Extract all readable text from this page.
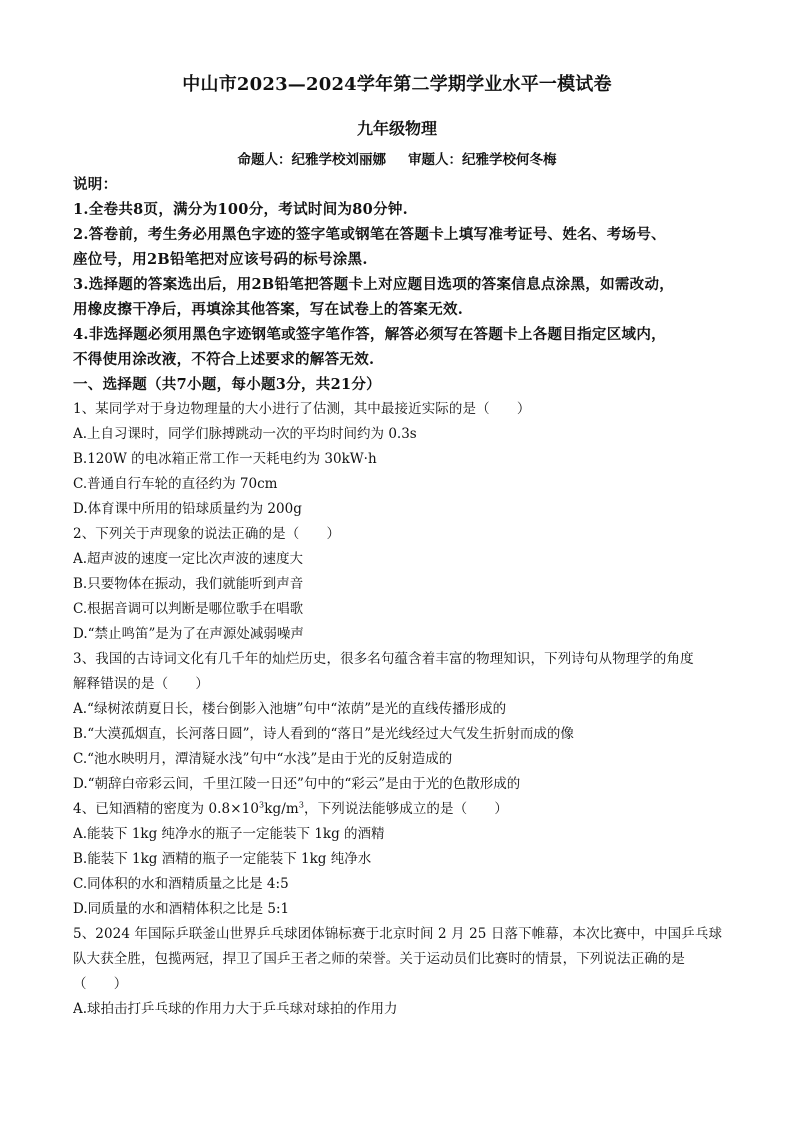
中山市2023—2024学年第二学期学业水平一模试卷
九年级物理
命题人：纪雅学校刘丽娜 审题人：纪雅学校何冬梅
说明：
1.全卷共8页，满分为100分，考试时间为80分钟.
2.答卷前，考生务必用黑色字迹的签字笔或钢笔在答题卡上填写准考证号、姓名、考场号、
座位号，用2B铅笔把对应该号码的标号涂黑.
3.选择题的答案选出后，用2B铅笔把答题卡上对应题目选项的答案信息点涂黑，如需改动，
用橡皮擦干净后，再填涂其他答案，写在试卷上的答案无效.
4.非选择题必须用黑色字迹钢笔或签字笔作答，解答必须写在答题卡上各题目指定区域内，
不得使用涂改液，不符合上述要求的解答无效.
一、选择题（共7小题，每小题3分，共21分）
1、某同学对于身边物理量的大小进行了估测，其中最接近实际的是（　　）
A.上自习课时，同学们脉搏跳动一次的平均时间约为 0.3s
B.120W 的电冰箱正常工作一天耗电约为 30kW·h
C.普通自行车轮的直径约为 70cm
D.体育课中所用的铅球质量约为 200g
2、下列关于声现象的说法正确的是（　　）
A.超声波的速度一定比次声波的速度大
B.只要物体在振动，我们就能听到声音
C.根据音调可以判断是哪位歌手在唱歌
D.“禁止鸣笛”是为了在声源处减弱噪声
3、我国的古诗词文化有几千年的灿烂历史，很多名句蕴含着丰富的物理知识，下列诗句从物理学的角度
解释错误的是（　　）
A.“绿树浓荫夏日长，楼台倒影入池塘”句中“浓荫”是光的直线传播形成的
B.“大漠孤烟直，长河落日圆”，诗人看到的“落日”是光线经过大气发生折射而成的像
C.“池水映明月，潭清疑水浅”句中“水浅”是由于光的反射造成的
D.“朝辞白帝彩云间，千里江陵一日还”句中的“彩云”是由于光的色散形成的
4、已知酒精的密度为 $0.8\times 10^3kg/m^3$，下列说法能够成立的是（　　）
A.能装下 1kg 纯净水的瓶子一定能装下 1kg 的酒精
B.能装下 1kg 酒精的瓶子一定能装下 1kg 纯净水
C.同体积的水和酒精质量之比是 4:5
D.同质量的水和酒精体积之比是 5:1
5、2024 年国际乒联釜山世界乒乓球团体锦标赛于北京时间 2 月 25 日落下帷幕，本次比赛中，中国乒乓球
队大获全胜，包揽两冠，捍卫了国乒王者之师的荣誉。关于运动员们比赛时的情景，下列说法正确的是
（　　）
A.球拍击打乒乓球的作用力大于乒乓球对球拍的作用力
